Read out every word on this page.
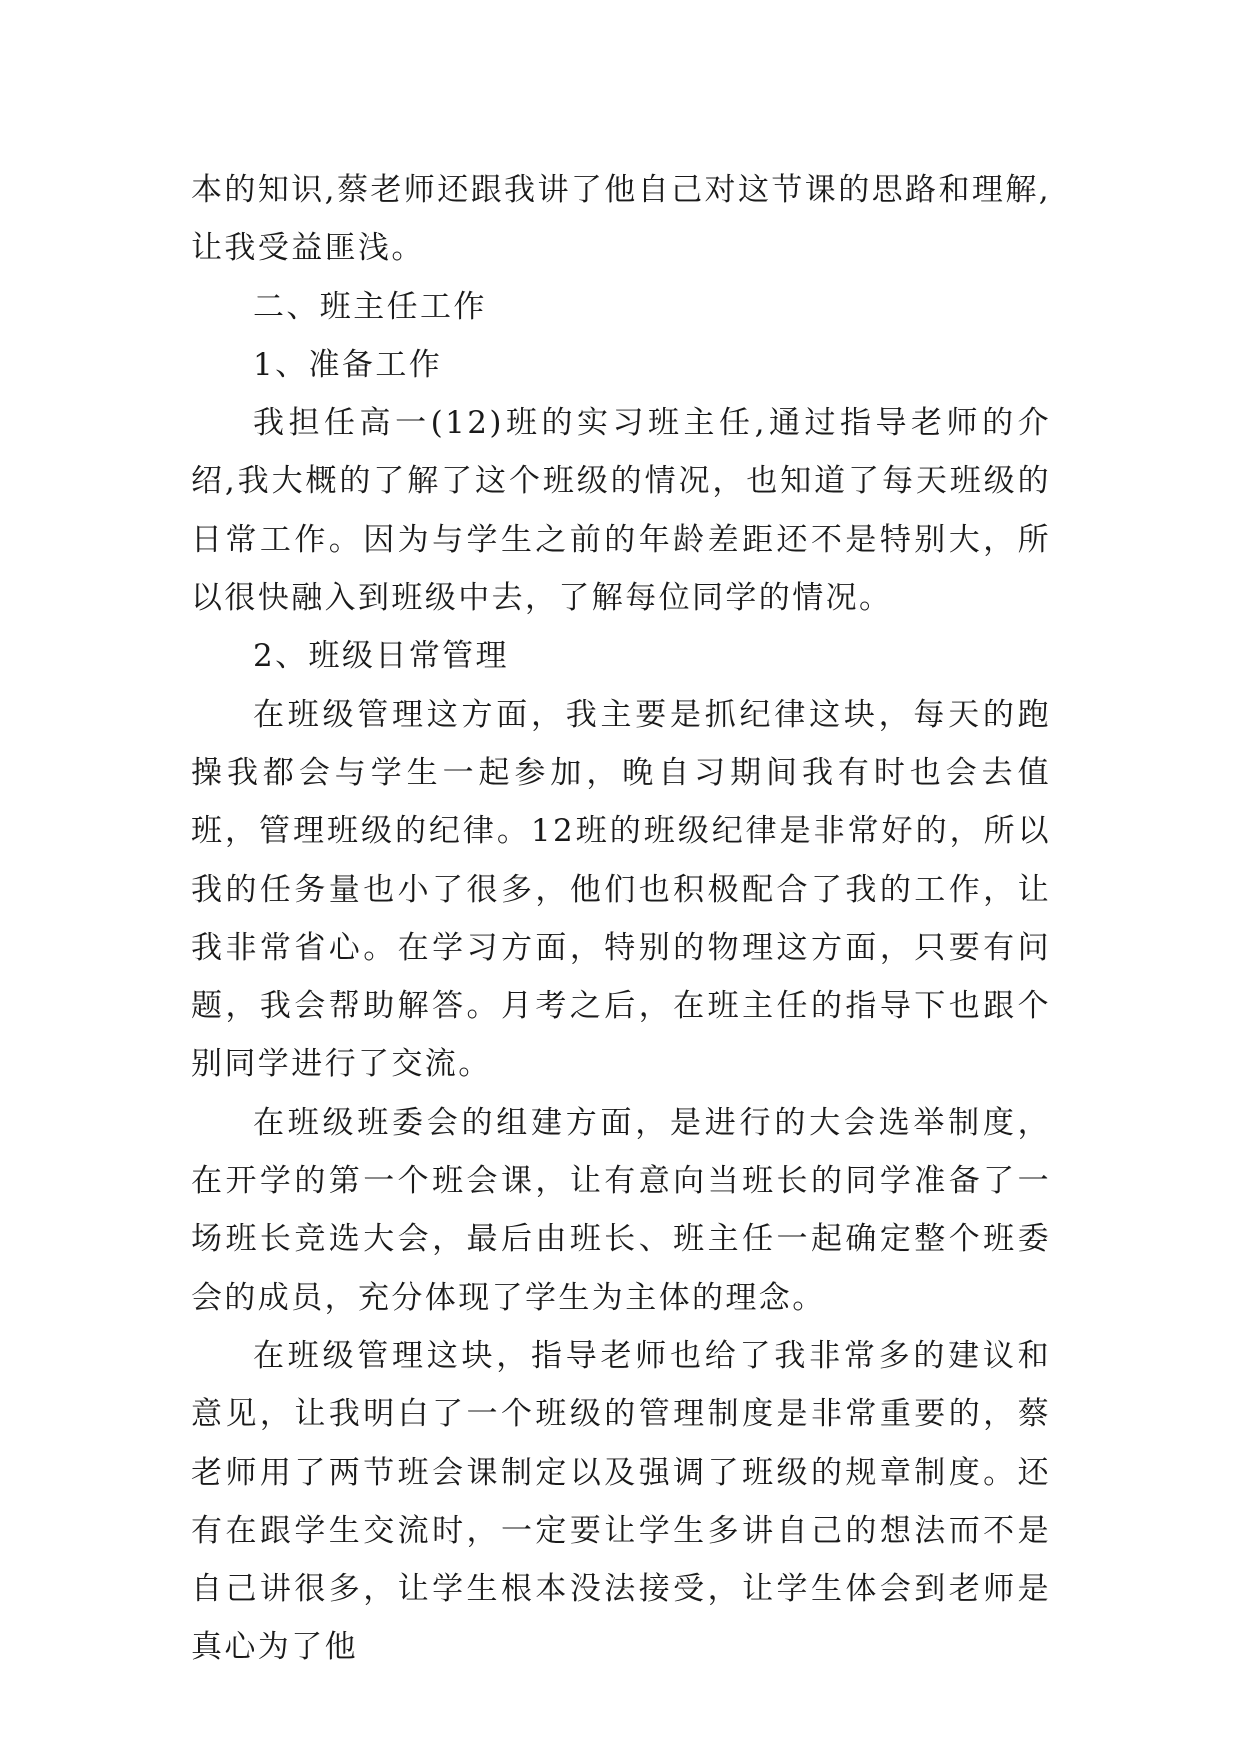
本的知识,蔡老师还跟我讲了他自己对这节课的思路和理解,让我受益匪浅。

二、班主任工作

1、准备工作

我担任高一(12)班的实习班主任,通过指导老师的介绍,我大概的了解了这个班级的情况，也知道了每天班级的日常工作。因为与学生之前的年龄差距还不是特别大，所以很快融入到班级中去，了解每位同学的情况。

2、班级日常管理

在班级管理这方面，我主要是抓纪律这块，每天的跑操我都会与学生一起参加，晚自习期间我有时也会去值班，管理班级的纪律。12班的班级纪律是非常好的，所以我的任务量也小了很多，他们也积极配合了我的工作，让我非常省心。在学习方面，特别的物理这方面，只要有问题，我会帮助解答。月考之后，在班主任的指导下也跟个别同学进行了交流。

在班级班委会的组建方面，是进行的大会选举制度，在开学的第一个班会课，让有意向当班长的同学准备了一场班长竞选大会，最后由班长、班主任一起确定整个班委会的成员，充分体现了学生为主体的理念。

在班级管理这块，指导老师也给了我非常多的建议和意见，让我明白了一个班级的管理制度是非常重要的，蔡老师用了两节班会课制定以及强调了班级的规章制度。还有在跟学生交流时，一定要让学生多讲自己的想法而不是自己讲很多，让学生根本没法接受，让学生体会到老师是真心为了他
